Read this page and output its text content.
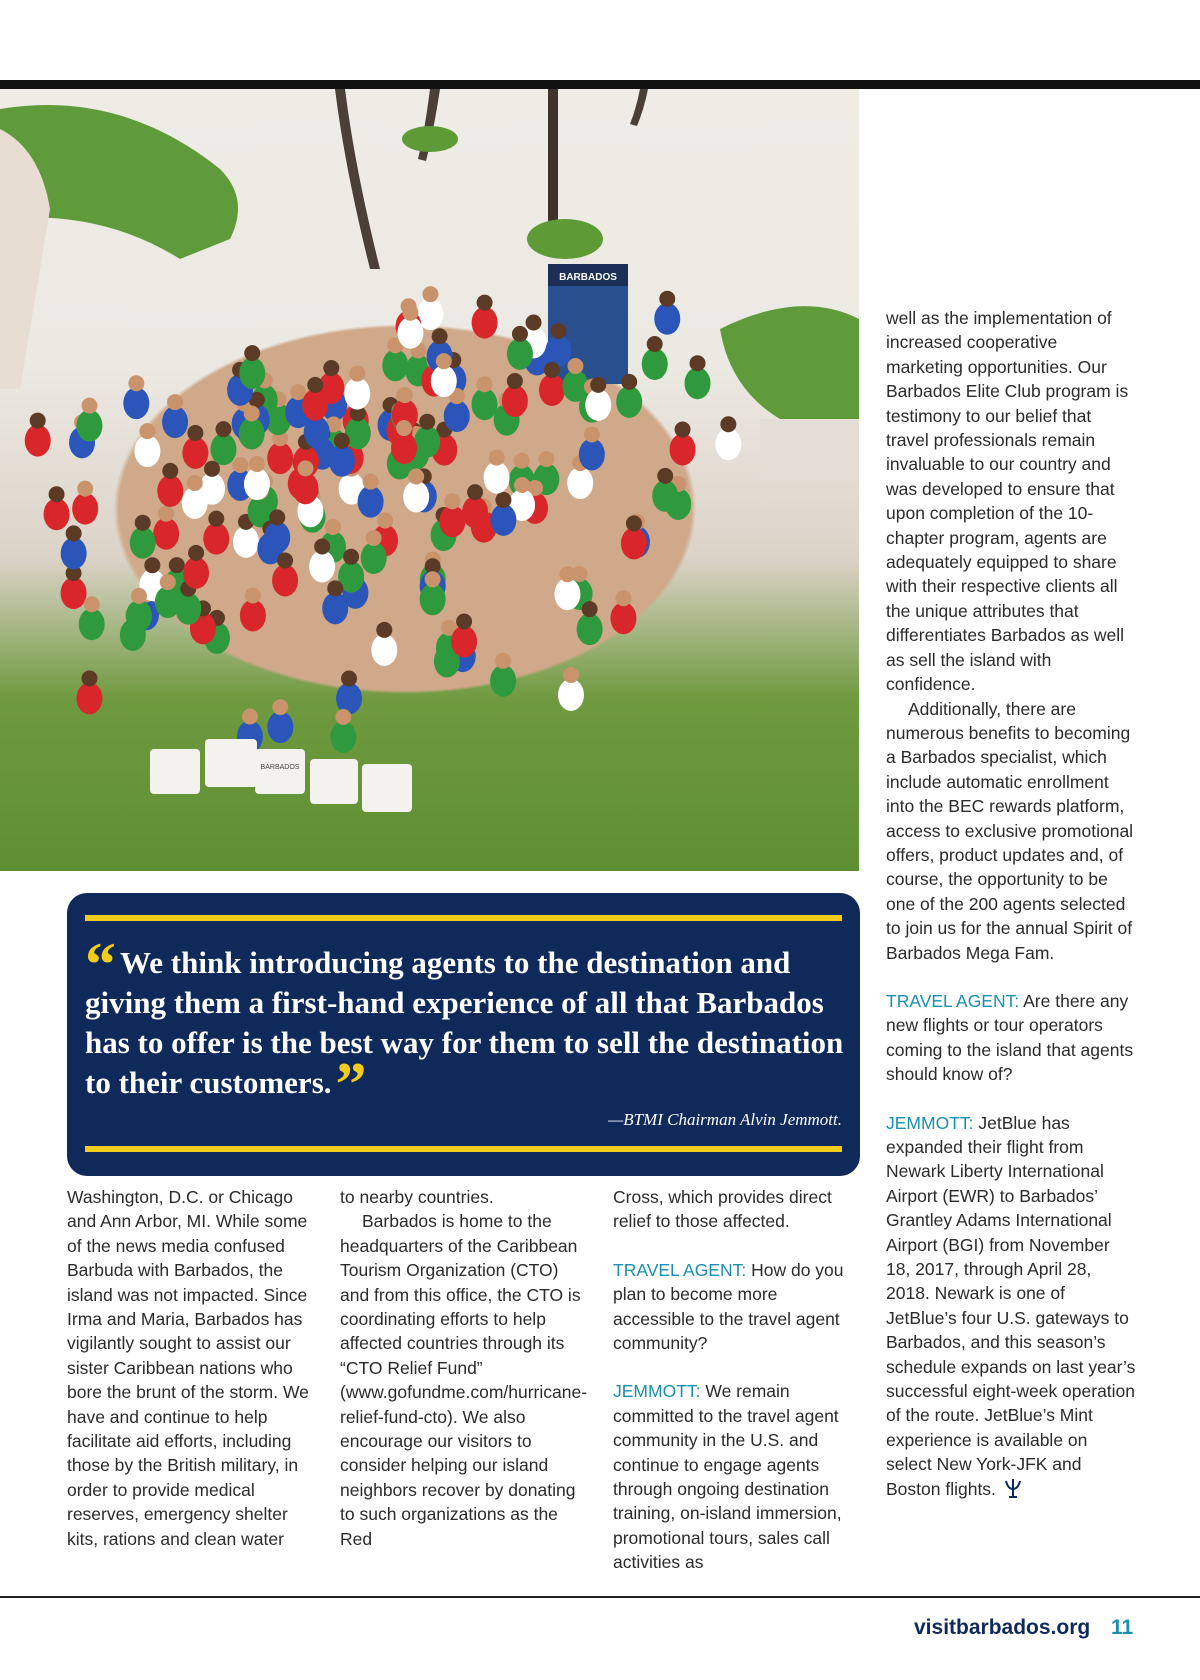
BARBADOS
BARBADOS
“ We think introducing agents to the destination and giving them a first-hand experience of all that Barbados has to offer is the best way for them to sell the destination to their customers.”
—BTMI Chairman Alvin Jemmott.

Washington, D.C. or Chicago and Ann Arbor, MI. While some of the news media confused Barbuda with Barbados, the island was not impacted. Since Irma and Maria, Barbados has vigilantly sought to assist our sister Caribbean nations who bore the brunt of the storm. We have and continue to help facilitate aid efforts, including those by the British military, in order to provide medical reserves, emergency shelter kits, rations and clean water

to nearby countries.

Barbados is home to the headquarters of the Caribbean Tourism Organization (CTO) and from this office, the CTO is coordinating efforts to help affected countries through its “CTO Relief Fund” (www.gofundme.com/hurricane-relief-fund-cto). We also encourage our visitors to consider helping our island neighbors recover by donating to such organizations as the Red

Cross, which provides direct relief to those affected.

TRAVEL AGENT: How do you plan to become more accessible to the travel agent community?

JEMMOTT: We remain committed to the travel agent community in the U.S. and continue to engage agents through ongoing destination training, on-island immersion, promotional tours, sales call activities as

well as the implementation of increased cooperative marketing opportunities. Our Barbados Elite Club program is testimony to our belief that travel professionals remain invaluable to our country and was developed to ensure that upon completion of the 10-chapter program, agents are adequately equipped to share with their respective clients all the unique attributes that differentiates Barbados as well as sell the island with confidence.

Additionally, there are numerous benefits to becoming a Barbados specialist, which include automatic enrollment into the BEC rewards platform, access to exclusive promotional offers, product updates and, of course, the opportunity to be one of the 200 agents selected to join us for the annual Spirit of Barbados Mega Fam.

TRAVEL AGENT: Are there any new flights or tour operators coming to the island that agents should know of?

JEMMOTT: JetBlue has expanded their flight from Newark Liberty International Airport (EWR) to Barbados’ Grantley Adams International Airport (BGI) from November 18, 2017, through April 28, 2018. Newark is one of JetBlue’s four U.S. gateways to Barbados, and this season’s schedule expands on last year’s successful eight-week operation of the route. JetBlue’s Mint experience is available on select New York-JFK and Boston flights.

visitbarbados.org 11
